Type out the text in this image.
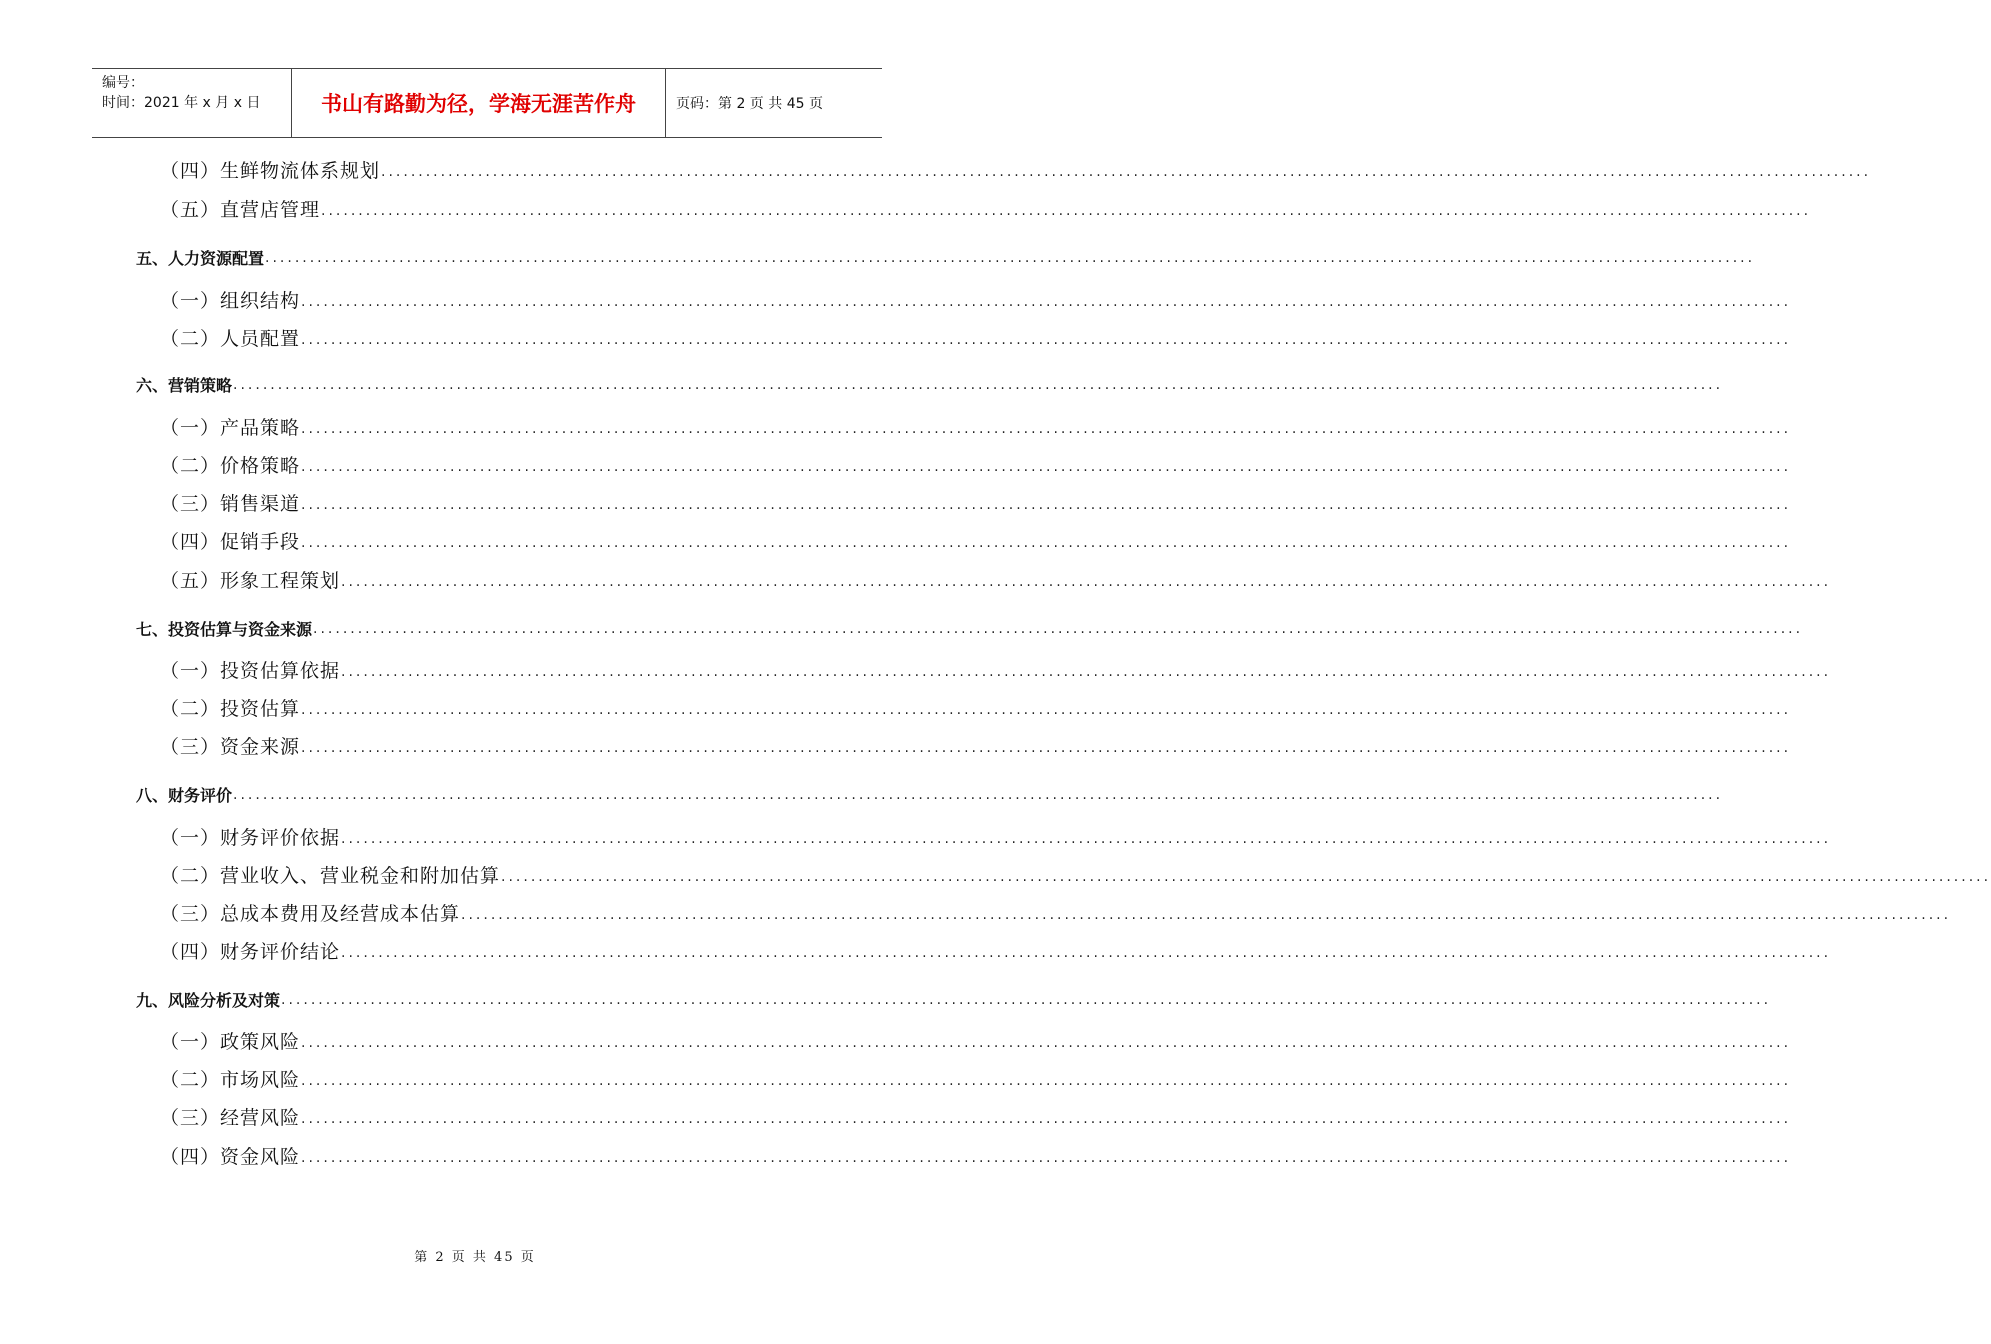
编号：
时间：2021 年 x 月 x 日	书山有路勤为径，学海无涯苦作舟	页码：第 2 页 共 45 页
（四）生鲜物流体系规划 ........................................................................................................................................................................................................
（五）直营店管理 ........................................................................................................................................................................................................
五、人力资源配置 ........................................................................................................................................................................................................
（一）组织结构 ........................................................................................................................................................................................................
（二）人员配置 ........................................................................................................................................................................................................
六、营销策略 ........................................................................................................................................................................................................
（一）产品策略 ........................................................................................................................................................................................................
（二）价格策略 ........................................................................................................................................................................................................
（三）销售渠道 ........................................................................................................................................................................................................
（四）促销手段 ........................................................................................................................................................................................................
（五）形象工程策划 ........................................................................................................................................................................................................
七、投资估算与资金来源 ........................................................................................................................................................................................................
（一）投资估算依据 ........................................................................................................................................................................................................
（二）投资估算 ........................................................................................................................................................................................................
（三）资金来源 ........................................................................................................................................................................................................
八、财务评价 ........................................................................................................................................................................................................
（一）财务评价依据 ........................................................................................................................................................................................................
（二）营业收入、营业税金和附加估算 ........................................................................................................................................................................................................
（三）总成本费用及经营成本估算 ........................................................................................................................................................................................................
（四）财务评价结论 ........................................................................................................................................................................................................
九、风险分析及对策 ........................................................................................................................................................................................................
（一）政策风险 ........................................................................................................................................................................................................
（二）市场风险 ........................................................................................................................................................................................................
（三）经营风险 ........................................................................................................................................................................................................
（四）资金风险 ........................................................................................................................................................................................................
第 2 页 共 45 页
